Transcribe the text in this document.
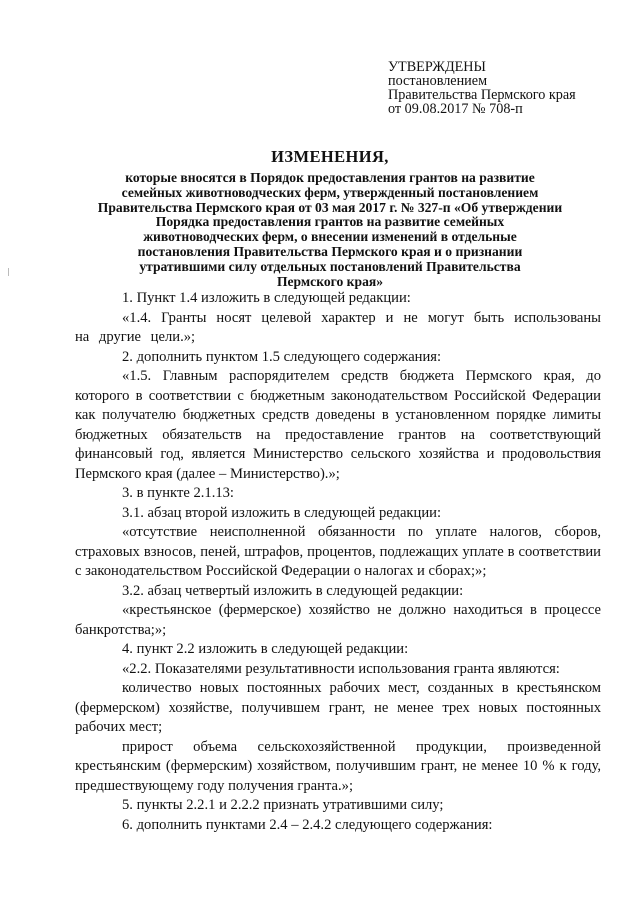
УТВЕРЖДЕНЫ
постановлением
Правительства Пермского края
от 09.08.2017 № 708-п
ИЗМЕНЕНИЯ,
которые вносятся в Порядок предоставления грантов на развитие
семейных животноводческих ферм, утвержденный постановлением
Правительства Пермского края от 03 мая 2017 г. № 327-п «Об утверждении
Порядка предоставления грантов на развитие семейных
животноводческих ферм, о внесении изменений в отдельные
постановления Правительства Пермского края и о признании
утратившими силу отдельных постановлений Правительства
Пермского края»

1. Пункт 1.4 изложить в следующей редакции:

«1.4. Гранты носят целевой характер и не могут быть использованы на другие цели.»;

2. дополнить пунктом 1.5 следующего содержания:

«1.5. Главным распорядителем средств бюджета Пермского края, до которого в соответствии с бюджетным законодательством Российской Федерации как получателю бюджетных средств доведены в установленном порядке лимиты бюджетных обязательств на предоставление грантов на соответствующий финансовый год, является Министерство сельского хозяйства и продовольствия Пермского края (далее – Министерство).»;

3. в пункте 2.1.13:

3.1. абзац второй изложить в следующей редакции:

«отсутствие неисполненной обязанности по уплате налогов, сборов, страховых взносов, пеней, штрафов, процентов, подлежащих уплате в соответствии с законодательством Российской Федерации о налогах и сборах;»;

3.2. абзац четвертый изложить в следующей редакции:

«крестьянское (фермерское) хозяйство не должно находиться в процессе банкротства;»;

4. пункт 2.2 изложить в следующей редакции:

«2.2. Показателями результативности использования гранта являются:

количество новых постоянных рабочих мест, созданных в крестьянском (фермерском) хозяйстве, получившем грант, не менее трех новых постоянных рабочих мест;

прирост объема сельскохозяйственной продукции, произведенной крестьянским (фермерским) хозяйством, получившим грант, не менее 10 % к году, предшествующему году получения гранта.»;

5. пункты 2.2.1 и 2.2.2 признать утратившими силу;

6. дополнить пунктами 2.4 – 2.4.2 следующего содержания:
